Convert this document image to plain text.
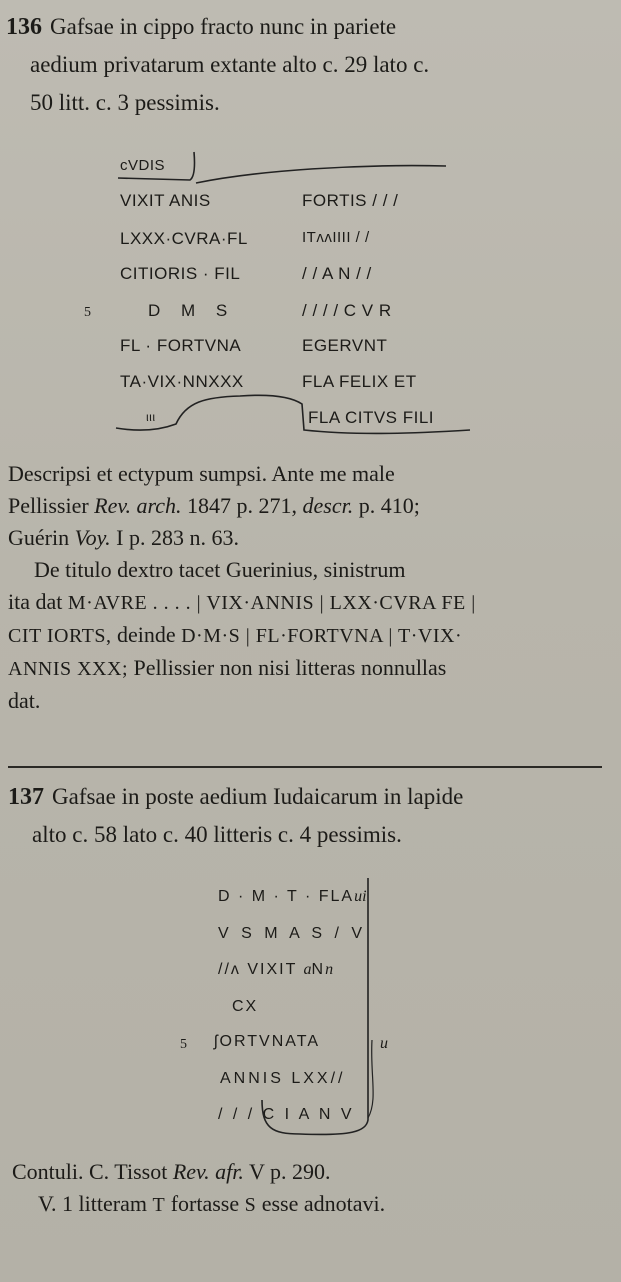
136 Gafsae in cippo fracto nunc in pariete
aedium privatarum extante alto c. 29 lato c.
50 litt. c. 3 pessimis.
ᴄVDIS
VIXIT ANIS
LXXX·CVRA·FL
CITIORIS · FIL
5	D M S
FL · FORTVNA
TA·VIX·NNXXX
ιιι
FORTIS / / /
ITᴧᴧIIII / /
/ / A N / /
/ / / / C V R
EGERVNT
FLA FELIX ET
FLA CITVS FILI
Descripsi et ectypum sumpsi. Ante me male
Pellissier Rev. arch. 1847 p. 271, descr. p. 410;
Guérin Voy. I p. 283 n. 63.
De titulo dextro tacet Guerinius, sinistrum
ita dat M·AVRE . . . . | VIX·ANNIS | LXX·CVRA FE |
CIT IORTS, deinde D·M·S | FL·FORTVNA | T·VIX·
ANNIS XXX; Pellissier non nisi litteras nonnullas
dat.
137 Gafsae in poste aedium Iudaicarum in lapide
alto c. 58 lato c. 40 litteris c. 4 pessimis.
D · M · T · FLAui
V S M A S / V
//ᴧ VIXIT aNn
CX
5 ʃORTVNATA	u
ANNIS LXX//
/ / / C I A N V
Contuli. C. Tissot Rev. afr. V p. 290.
V. 1 litteram T fortasse S esse adnotavi.
